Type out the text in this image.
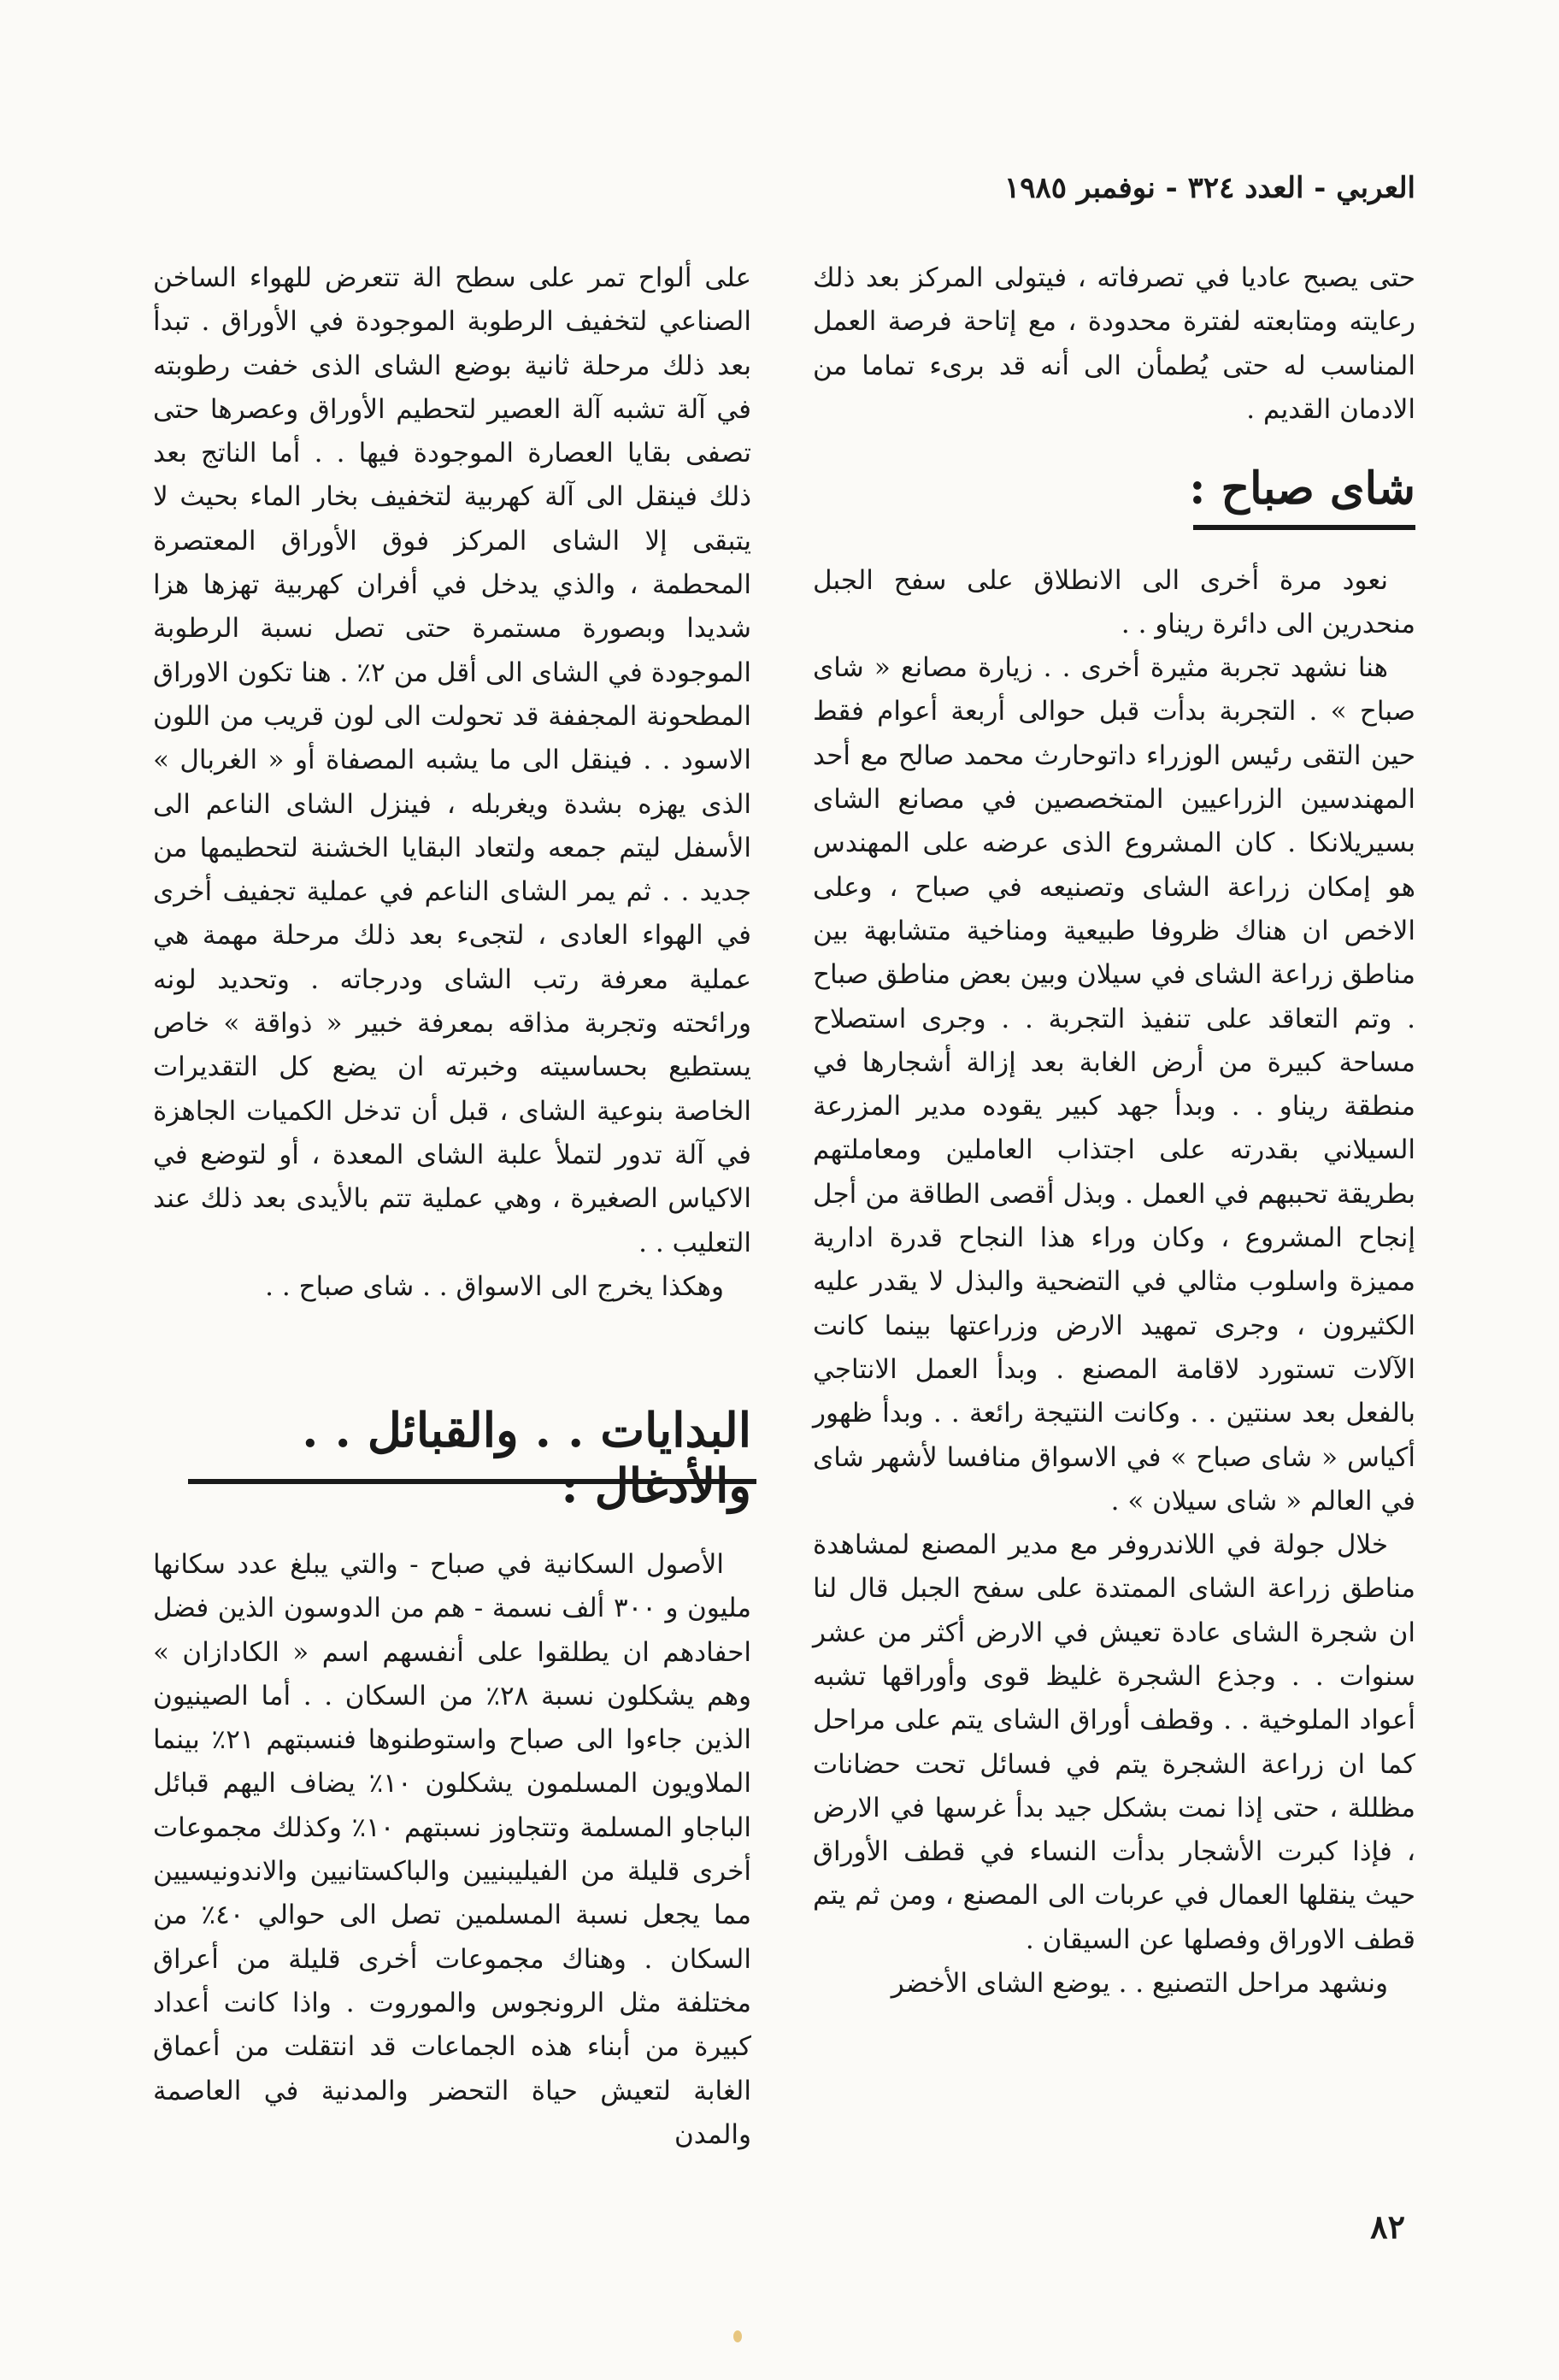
العربي - العدد ٣٢٤ - نوفمبر ١٩٨٥

حتى يصبح عاديا في تصرفاته ، فيتولى المركز بعد ذلك رعايته ومتابعته لفترة محدودة ، مع إتاحة فرصة العمل المناسب له حتى يُطمأن الى أنه قد برىء تماما من الادمان القديم .

شاى صباح :

نعود مرة أخرى الى الانطلاق على سفح الجبل منحدرين الى دائرة ريناو . .

هنا نشهد تجربة مثيرة أخرى . . زيارة مصانع « شاى صباح » . التجربة بدأت قبل حوالى أربعة أعوام فقط حين التقى رئيس الوزراء داتوحارث محمد صالح مع أحد المهندسين الزراعيين المتخصصين في مصانع الشاى بسيريلانكا . كان المشروع الذى عرضه على المهندس هو إمكان زراعة الشاى وتصنيعه في صباح ، وعلى الاخص ان هناك ظروفا طبيعية ومناخية متشابهة بين مناطق زراعة الشاى في سيلان وبين بعض مناطق صباح . وتم التعاقد على تنفيذ التجربة . . وجرى استصلاح مساحة كبيرة من أرض الغابة بعد إزالة أشجارها في منطقة ريناو . . وبدأ جهد كبير يقوده مدير المزرعة السيلاني بقدرته على اجتذاب العاملين ومعاملتهم بطريقة تحببهم في العمل . وبذل أقصى الطاقة من أجل إنجاح المشروع ، وكان وراء هذا النجاح قدرة ادارية مميزة واسلوب مثالي في التضحية والبذل لا يقدر عليه الكثيرون ، وجرى تمهيد الارض وزراعتها بينما كانت الآلات تستورد لاقامة المصنع . وبدأ العمل الانتاجي بالفعل بعد سنتين . . وكانت النتيجة رائعة . . وبدأ ظهور أكياس « شاى صباح » في الاسواق منافسا لأشهر شاى في العالم « شاى سيلان » .

خلال جولة في اللاندروفر مع مدير المصنع لمشاهدة مناطق زراعة الشاى الممتدة على سفح الجبل قال لنا ان شجرة الشاى عادة تعيش في الارض أكثر من عشر سنوات . . وجذع الشجرة غليظ قوى وأوراقها تشبه أعواد الملوخية . . وقطف أوراق الشاى يتم على مراحل كما ان زراعة الشجرة يتم في فسائل تحت حضانات مظللة ، حتى إذا نمت بشكل جيد بدأ غرسها في الارض ، فإذا كبرت الأشجار بدأت النساء في قطف الأوراق حيث ينقلها العمال في عربات الى المصنع ، ومن ثم يتم قطف الاوراق وفصلها عن السيقان .

ونشهد مراحل التصنيع . . يوضع الشاى الأخضر

على ألواح تمر على سطح الة تتعرض للهواء الساخن الصناعي لتخفيف الرطوبة الموجودة في الأوراق . تبدأ بعد ذلك مرحلة ثانية بوضع الشاى الذى خفت رطوبته في آلة تشبه آلة العصير لتحطيم الأوراق وعصرها حتى تصفى بقايا العصارة الموجودة فيها . . أما الناتج بعد ذلك فينقل الى آلة كهربية لتخفيف بخار الماء بحيث لا يتبقى إلا الشاى المركز فوق الأوراق المعتصرة المحطمة ، والذي يدخل في أفران كهربية تهزها هزا شديدا وبصورة مستمرة حتى تصل نسبة الرطوبة الموجودة في الشاى الى أقل من ٢٪ . هنا تكون الاوراق المطحونة المجففة قد تحولت الى لون قريب من اللون الاسود . . فينقل الى ما يشبه المصفاة أو « الغربال » الذى يهزه بشدة ويغربله ، فينزل الشاى الناعم الى الأسفل ليتم جمعه ولتعاد البقايا الخشنة لتحطيمها من جديد . . ثم يمر الشاى الناعم في عملية تجفيف أخرى في الهواء العادى ، لتجىء بعد ذلك مرحلة مهمة هي عملية معرفة رتب الشاى ودرجاته . وتحديد لونه ورائحته وتجربة مذاقه بمعرفة خبير « ذواقة » خاص يستطيع بحساسيته وخبرته ان يضع كل التقديرات الخاصة بنوعية الشاى ، قبل أن تدخل الكميات الجاهزة في آلة تدور لتملأ علبة الشاى المعدة ، أو لتوضع في الاكياس الصغيرة ، وهي عملية تتم بالأيدى بعد ذلك عند التعليب . .

وهكذا يخرج الى الاسواق . . شاى صباح . .

البدايات . . والقبائل . . والأدغال :

الأصول السكانية في صباح - والتي يبلغ عدد سكانها مليون و ٣٠٠ ألف نسمة - هم من الدوسون الذين فضل احفادهم ان يطلقوا على أنفسهم اسم « الكادازان » وهم يشكلون نسبة ٢٨٪ من السكان . . أما الصينيون الذين جاءوا الى صباح واستوطنوها فنسبتهم ٢١٪ بينما الملاويون المسلمون يشكلون ١٠٪ يضاف اليهم قبائل الباجاو المسلمة وتتجاوز نسبتهم ١٠٪ وكذلك مجموعات أخرى قليلة من الفيليبنيين والباكستانيين والاندونيسيين مما يجعل نسبة المسلمين تصل الى حوالي ٤٠٪ من السكان . وهناك مجموعات أخرى قليلة من أعراق مختلفة مثل الرونجوس والموروت . واذا كانت أعداد كبيرة من أبناء هذه الجماعات قد انتقلت من أعماق الغابة لتعيش حياة التحضر والمدنية في العاصمة والمدن

٨٢
